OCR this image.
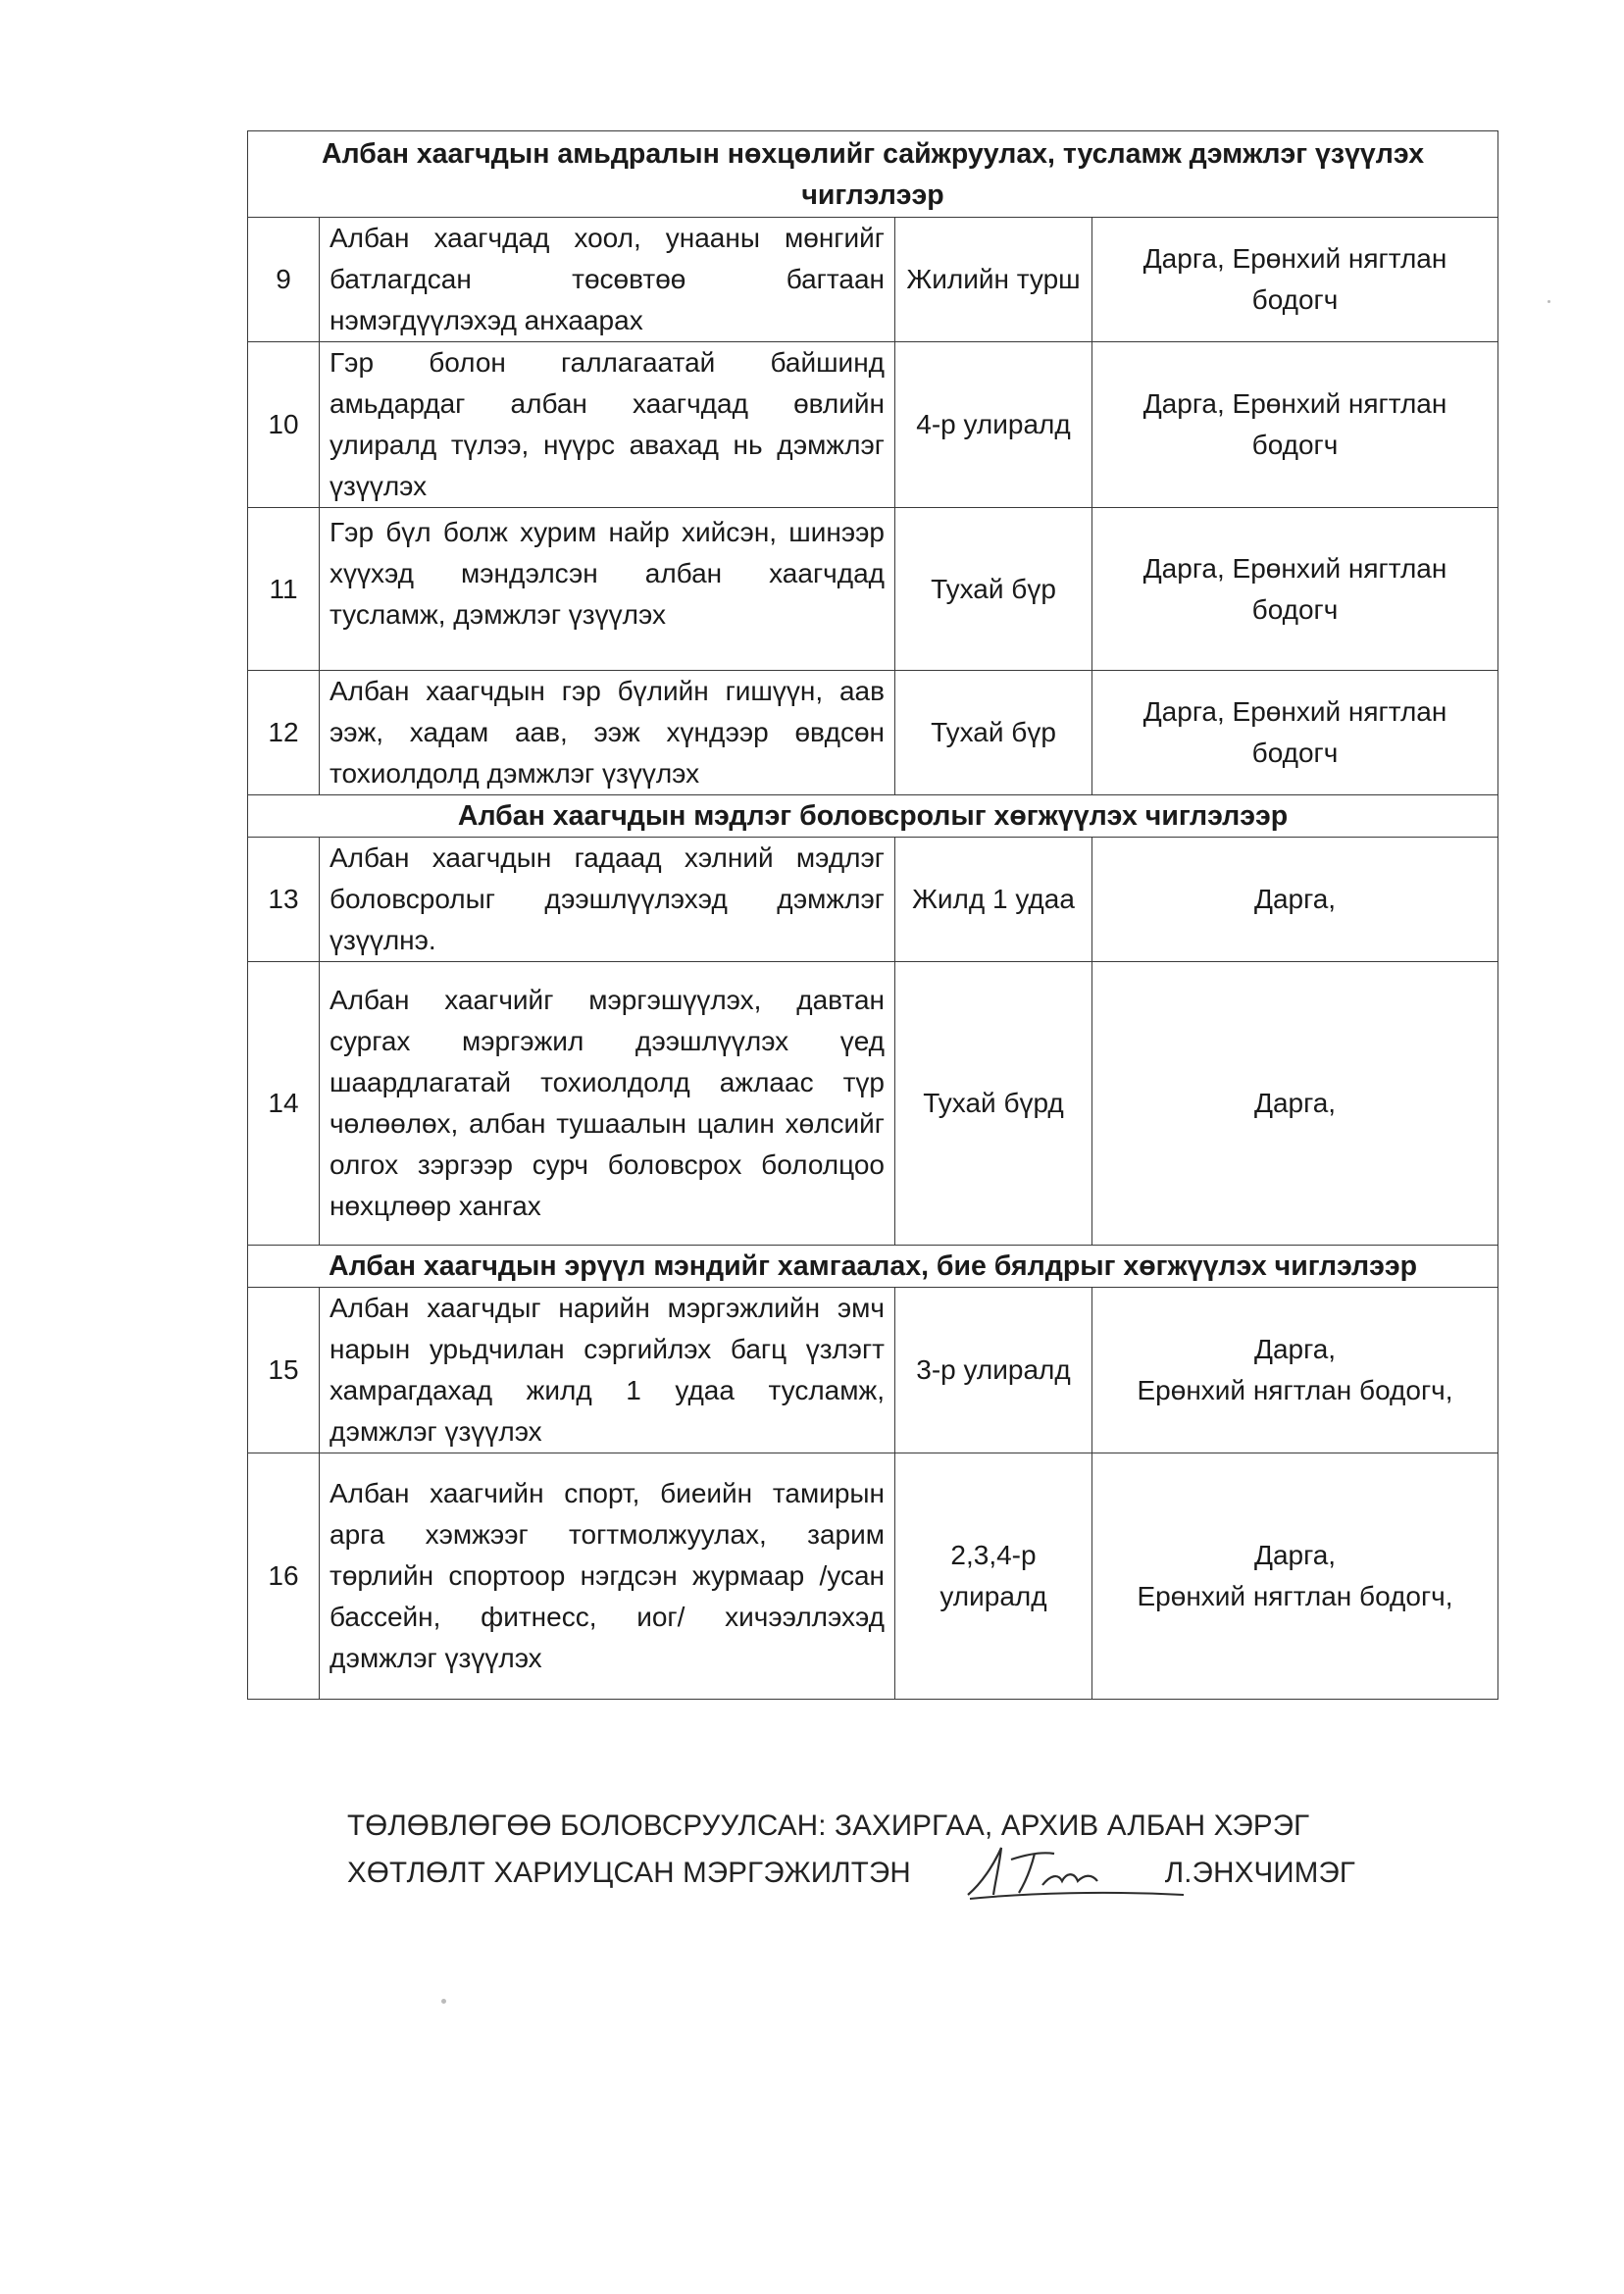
Албан хаагчдын амьдралын нөхцөлийг сайжруулах, тусламж дэмжлэг үзүүлэх чиглэлээр			
9	Албан хаагчдад хоол, унааны мөнгийг батлагдсан төсөвтөө багтаан нэмэгдүүлэхэд анхаарах	Жилийн турш	Дарга, Ерөнхий нягтлан бодогч

10	Гэр болон галлагаатай байшинд амьдардаг албан хаагчдад өвлийн улиралд түлээ, нүүрс авахад нь дэмжлэг үзүүлэх	4-р улиралд	Дарга, Ерөнхий нягтлан бодогч

11	Гэр бүл болж хурим найр хийсэн, шинээр хүүхэд мэндэлсэн албан хаагчдад тусламж, дэмжлэг үзүүлэх	Тухай бүр	Дарга, Ерөнхий нягтлан бодогч

12	Албан хаагчдын гэр бүлийн гишүүн, аав ээж, хадам аав, ээж хүндээр өвдсөн тохиолдолд дэмжлэг үзүүлэх	Тухай бүр	Дарга, Ерөнхий нягтлан бодогч

Албан хаагчдын мэдлэг боловсролыг хөгжүүлэх чиглэлээр			
13	Албан хаагчдын гадаад хэлний мэдлэг боловсролыг дээшлүүлэхэд дэмжлэг үзүүлнэ.	Жилд 1 удаа	Дарга,

14	Албан хаагчийг мэргэшүүлэх, давтан сургах мэргэжил дээшлүүлэх үед шаардлагатай тохиолдолд ажлаас түр чөлөөлөх, албан тушаалын цалин хөлсийг олгох зэргээр сурч боловсрох бололцоо нөхцлөөр хангах	Тухай бүрд	Дарга,

Албан хаагчдын эрүүл мэндийг хамгаалах, бие бялдрыг хөгжүүлэх чиглэлээр			
15	Албан хаагчдыг нарийн мэргэжлийн эмч нарын урьдчилан сэргийлэх багц үзлэгт хамрагдахад жилд 1 удаа тусламж, дэмжлэг үзүүлэх	3-р улиралд	Дарга,
Ерөнхий нягтлан бодогч,

16	Албан хаагчийн спорт, биеийн тамирын арга хэмжээг тогтмолжуулах, зарим төрлийн спортоор нэгдсэн журмаар /усан бассейн, фитнесс, иог/ хичээллэхэд дэмжлэг үзүүлэх	2,3,4-р улиралд	Дарга,
Ерөнхий нягтлан бодогч,
ТӨЛӨВЛӨГӨӨ БОЛОВСРУУЛСАН: ЗАХИРГАА, АРХИВ АЛБАН ХЭРЭГ
ХӨТЛӨЛТ ХАРИУЦСАН МЭРГЭЖИЛТЭН	Л.ЭНХЧИМЭГ
